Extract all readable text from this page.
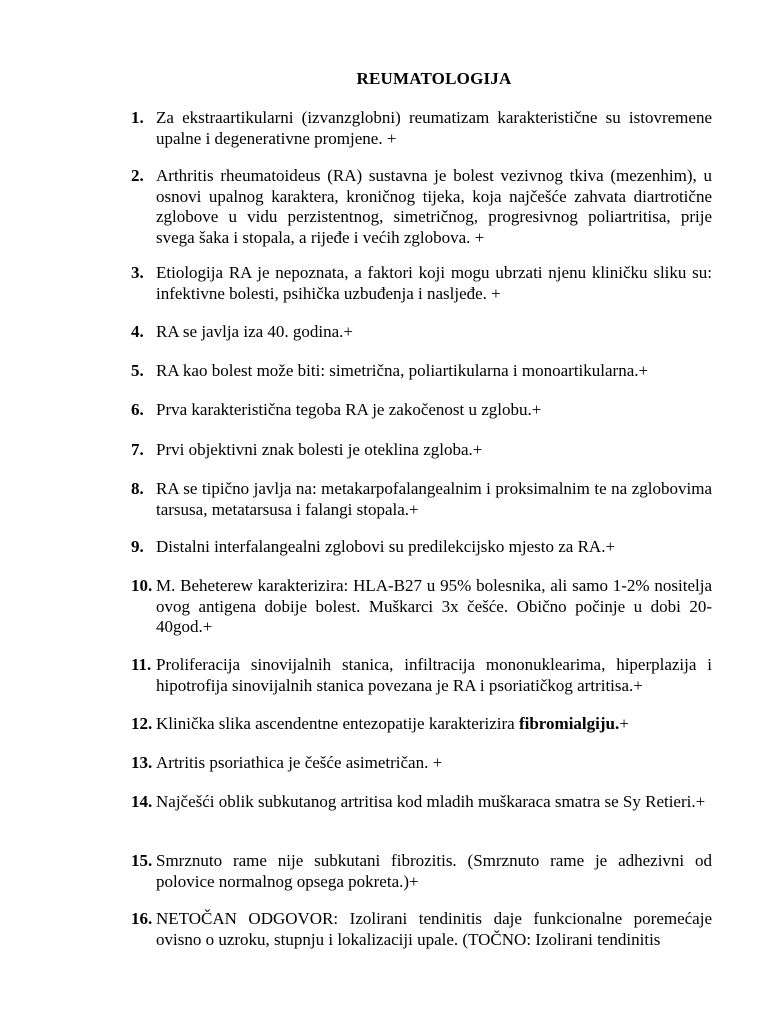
REUMATOLOGIJA
1. Za ekstraartikularni (izvanzglobni) reumatizam karakteristične su istovremene upalne i degenerativne promjene. +
2. Arthritis rheumatoideus (RA) sustavna je bolest vezivnog tkiva (mezenhim), u osnovi upalnog karaktera, kroničnog tijeka, koja najčešće zahvata diartrotične zglobove u vidu perzistentnog, simetričnog, progresivnog poliartritisa, prije svega šaka i stopala, a rijeđe i većih zglobova. +
3. Etiologija RA je nepoznata, a faktori koji mogu ubrzati njenu kliničku sliku su: infektivne bolesti, psihička uzbuđenja i nasljeđe. +
4. RA se javlja iza 40. godina.+
5. RA kao bolest može biti: simetrična, poliartikularna i monoartikularna.+
6. Prva karakteristična tegoba RA je zakočenost u zglobu.+
7. Prvi objektivni znak bolesti je oteklina zgloba.+
8. RA se tipično javlja na: metakarpofalangealnim i proksimalnim te na zglobovima tarsusa, metatarsusa i falangi stopala.+
9. Distalni interfalangealni zglobovi su predilekcijsko mjesto za RA.+
10. M. Beheterew karakterizira: HLA-B27 u 95% bolesnika, ali samo 1-2% nositelja ovog antigena dobije bolest. Muškarci 3x češće. Obično počinje u dobi 20-40god.+
11. Proliferacija sinovijalnih stanica, infiltracija mononuklearima, hiperplazija i hipotrofija sinovijalnih stanica povezana je RA i psoriatičkog artritisa.+
12. Klinička slika ascendentne entezopatije karakterizira fibromialgiju.+
13. Artritis psoriathica je češće asimetričan. +
14. Najčešći oblik subkutanog artritisa kod mladih muškaraca smatra se Sy Retieri.+
15. Smrznuto rame nije subkutani fibrozitis. (Smrznuto rame je adhezivni od polovice normalnog opsega pokreta.)+
16. NETOČAN ODGOVOR: Izolirani tendinitis daje funkcionalne poremećaje ovisno o uzroku, stupnju i lokalizaciji upale. (TOČNO: Izolirani tendinitis
